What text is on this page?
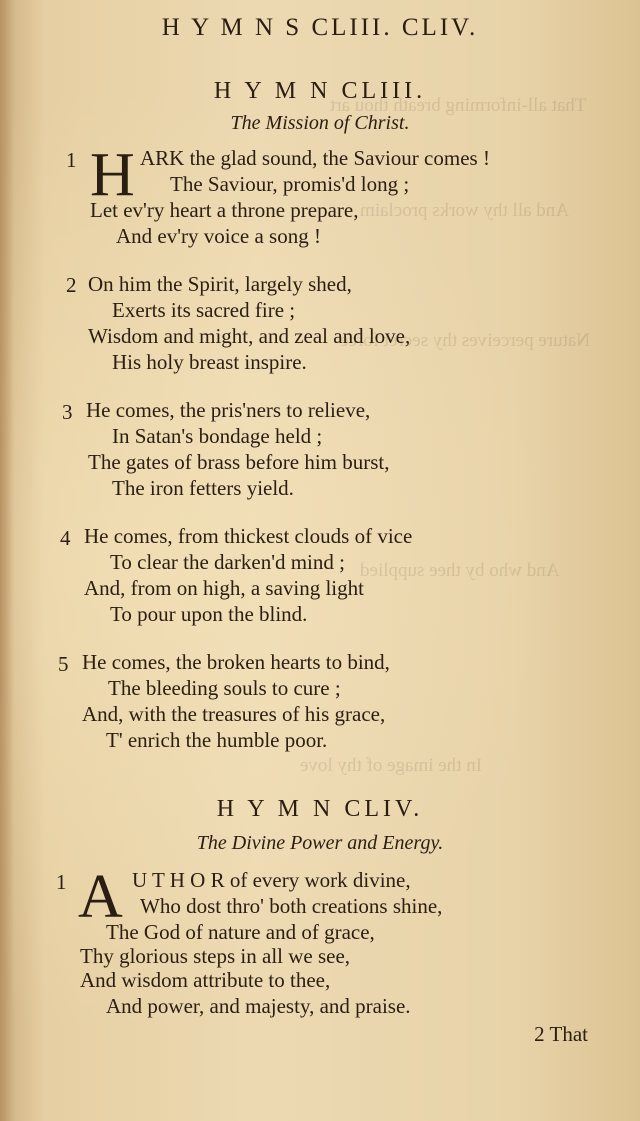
That all-informing breath thou art
And all thy works proclaim
Nature perceives thy secret force
And who by thee supplied
In the image of thy love
H Y M N S CLIII. CLIV.
H Y M N CLIII.
The Mission of Christ.
1 H ARK the glad sound, the Saviour comes !
The Saviour, promis'd long ;
Let ev'ry heart a throne prepare,
And ev'ry voice a song !
2 On him the Spirit, largely shed,
Exerts its sacred fire ;
Wisdom and might, and zeal and love,
His holy breast inspire.
3 He comes, the pris'ners to relieve,
In Satan's bondage held ;
The gates of brass before him burst,
The iron fetters yield.
4 He comes, from thickest clouds of vice
To clear the darken'd mind ;
And, from on high, a saving light
To pour upon the blind.
5 He comes, the broken hearts to bind,
The bleeding souls to cure ;
And, with the treasures of his grace,
T' enrich the humble poor.
H Y M N CLIV.
The Divine Power and Energy.
1 A U T H O R of every work divine,
Who dost thro' both creations shine,
The God of nature and of grace,
Thy glorious steps in all we see,
And wisdom attribute to thee,
And power, and majesty, and praise.
2 That
